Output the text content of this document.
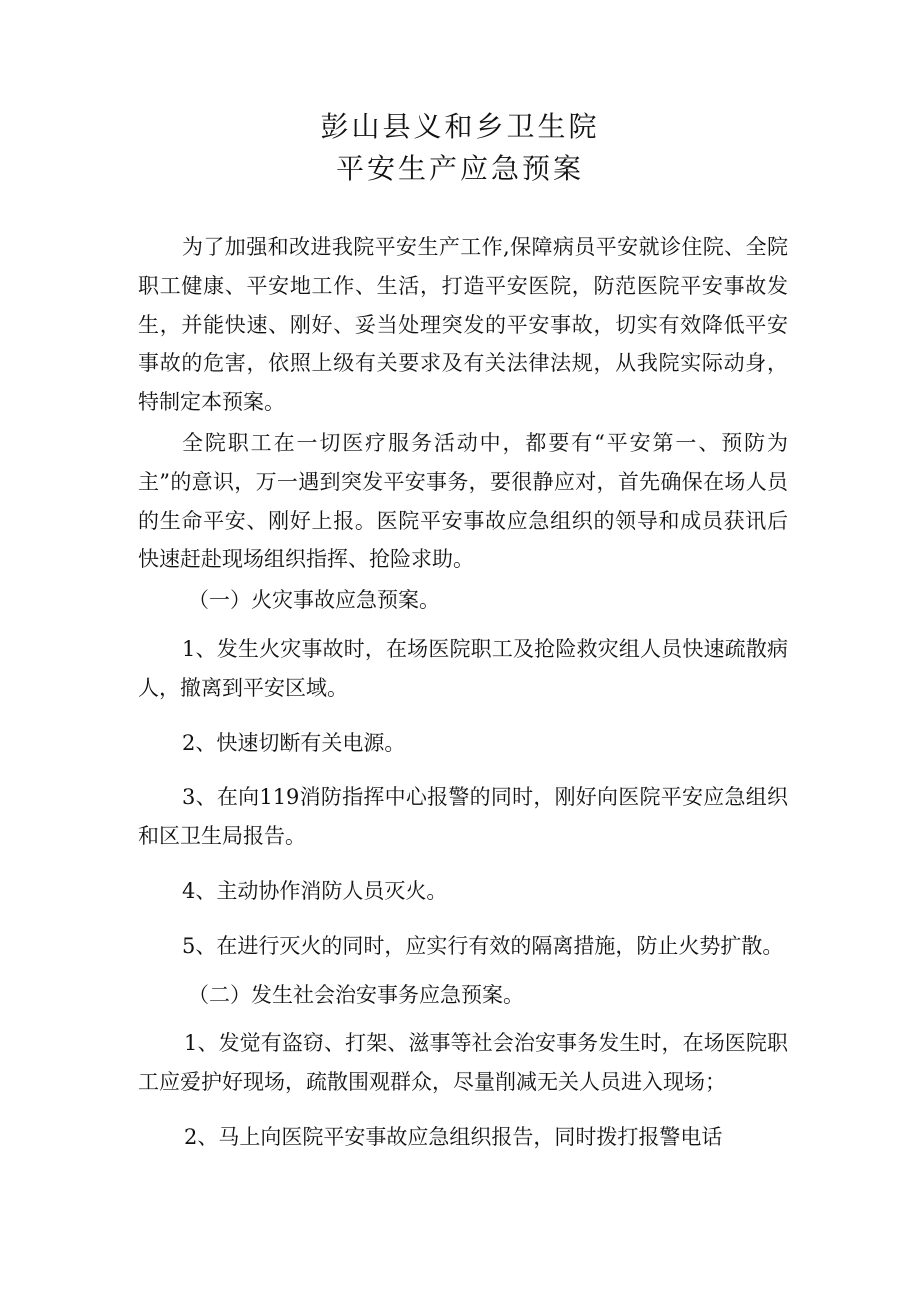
彭山县义和乡卫生院
平安生产应急预案

为了加强和改进我院平安生产工作,保障病员平安就诊住院、全院职工健康、平安地工作、生活，打造平安医院，防范医院平安事故发生，并能快速、刚好、妥当处理突发的平安事故，切实有效降低平安事故的危害，依照上级有关要求及有关法律法规，从我院实际动身，特制定本预案。

全院职工在一切医疗服务活动中，都要有“平安第一、预防为主”的意识，万一遇到突发平安事务，要很静应对，首先确保在场人员的生命平安、刚好上报。医院平安事故应急组织的领导和成员获讯后快速赶赴现场组织指挥、抢险求助。

（一）火灾事故应急预案。

1、发生火灾事故时，在场医院职工及抢险救灾组人员快速疏散病人，撤离到平安区域。

2、快速切断有关电源。

3、在向119消防指挥中心报警的同时，刚好向医院平安应急组织和区卫生局报告。

4、主动协作消防人员灭火。

5、在进行灭火的同时，应实行有效的隔离措施，防止火势扩散。

（二）发生社会治安事务应急预案。

1、发觉有盗窃、打架、滋事等社会治安事务发生时，在场医院职工应爱护好现场，疏散围观群众，尽量削减无关人员进入现场；

2、马上向医院平安事故应急组织报告，同时拨打报警电话
